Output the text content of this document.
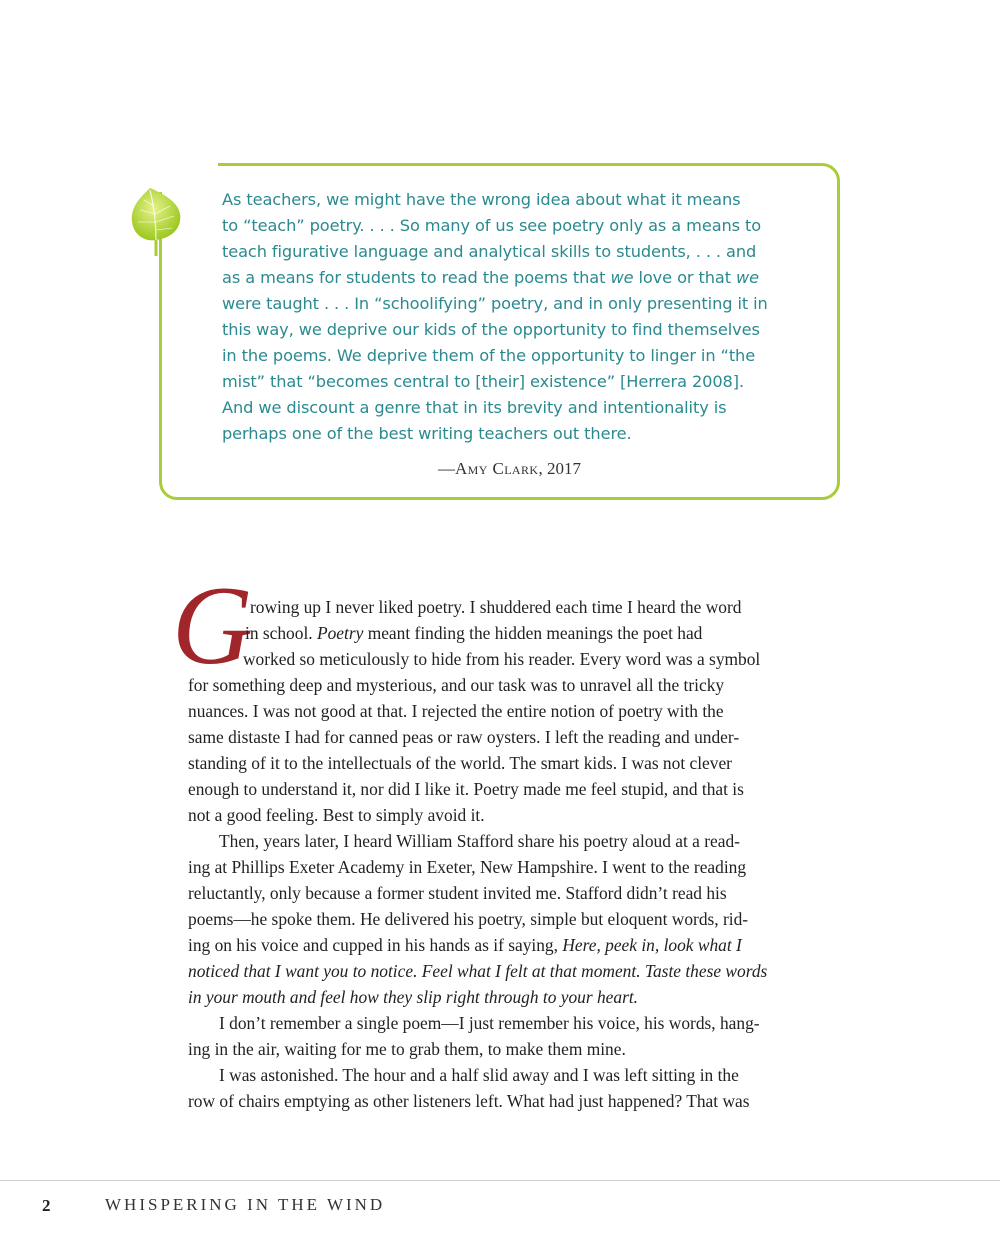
As teachers, we might have the wrong idea about what it means
to “teach” poetry. . . . So many of us see poetry only as a means to
teach figurative language and analytical skills to students, . . . and
as a means for students to read the poems that we love or that we
were taught . . . In “schoolifying” poetry, and in only presenting it in
this way, we deprive our kids of the opportunity to find themselves
in the poems. We deprive them of the opportunity to linger in “the
mist” that “becomes central to [their] existence” [Herrera 2008].
And we discount a genre that in its brevity and intentionality is
perhaps one of the best writing teachers out there.
—Amy Clark, 2017
G
rowing up I never liked poetry. I shuddered each time I heard the word
in school. Poetry meant finding the hidden meanings the poet had
worked so meticulously to hide from his reader. Every word was a symbol
for something deep and mysterious, and our task was to unravel all the tricky
nuances. I was not good at that. I rejected the entire notion of poetry with the
same distaste I had for canned peas or raw oysters. I left the reading and under-
standing of it to the intellectuals of the world. The smart kids. I was not clever
enough to understand it, nor did I like it. Poetry made me feel stupid, and that is
not a good feeling. Best to simply avoid it.
Then, years later, I heard William Stafford share his poetry aloud at a read-
ing at Phillips Exeter Academy in Exeter, New Hampshire. I went to the reading
reluctantly, only because a former student invited me. Stafford didn’t read his
poems—he spoke them. He delivered his poetry, simple but eloquent words, rid-
ing on his voice and cupped in his hands as if saying, Here, peek in, look what I
noticed that I want you to notice. Feel what I felt at that moment. Taste these words
in your mouth and feel how they slip right through to your heart.
I don’t remember a single poem—I just remember his voice, his words, hang-
ing in the air, waiting for me to grab them, to make them mine.
I was astonished. The hour and a half slid away and I was left sitting in the
row of chairs emptying as other listeners left. What had just happened? That was
2	WHISPERING IN THE WIND
